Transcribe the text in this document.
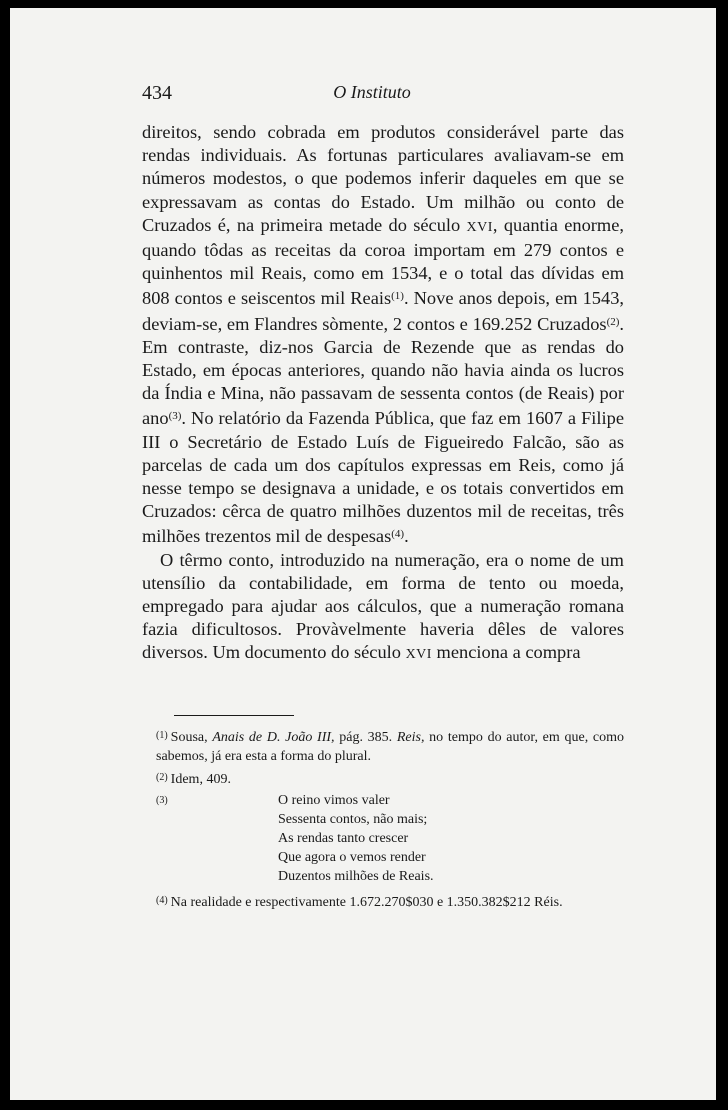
434	O Instituto

direitos, sendo cobrada em produtos considerável parte das rendas individuais. As fortunas particulares avaliavam-se em números modestos, o que podemos inferir daqueles em que se expressavam as contas do Estado. Um milhão ou conto de Cruzados é, na primeira metade do século XVI, quantia enorme, quando tôdas as receitas da coroa importam em 279 contos e quinhentos mil Reais, como em 1534, e o total das dívidas em 808 contos e seiscentos mil Reais$^{(1)}$. Nove anos depois, em 1543, deviam-se, em Flandres sòmente, 2 contos e 169.252 Cruzados$^{(2)}$. Em contraste, diz-nos Garcia de Rezende que as rendas do Estado, em épocas anteriores, quando não havia ainda os lucros da Índia e Mina, não passavam de sessenta contos (de Reais) por ano$^{(3)}$. No relatório da Fazenda Pública, que faz em 1607 a Filipe III o Secretário de Estado Luís de Figueiredo Falcão, são as parcelas de cada um dos capítulos expressas em Reis, como já nesse tempo se designava a unidade, e os totais convertidos em Cruzados: cêrca de quatro milhões duzentos mil de receitas, três milhões trezentos mil de despesas$^{(4)}$.

O têrmo conto, introduzido na numeração, era o nome de um utensílio da contabilidade, em forma de tento ou moeda, empregado para ajudar aos cálculos, que a numeração romana fazia dificultosos. Provàvelmente haveria dêles de valores diversos. Um documento do século XVI menciona a compra

$^{(1)}$ Sousa, Anais de D. João III, pág. 385. Reis, no tempo do autor, em que, como sabemos, já era esta a forma do plural.

$^{(2)}$ Idem, 409.

$^{(3)}$	O reino vimos valer
Sessenta contos, não mais;
As rendas tanto crescer
Que agora o vemos render
Duzentos milhões de Reais.

$^{(4)}$ Na realidade e respectivamente 1.672.270$030 e 1.350.382$212 Réis.
